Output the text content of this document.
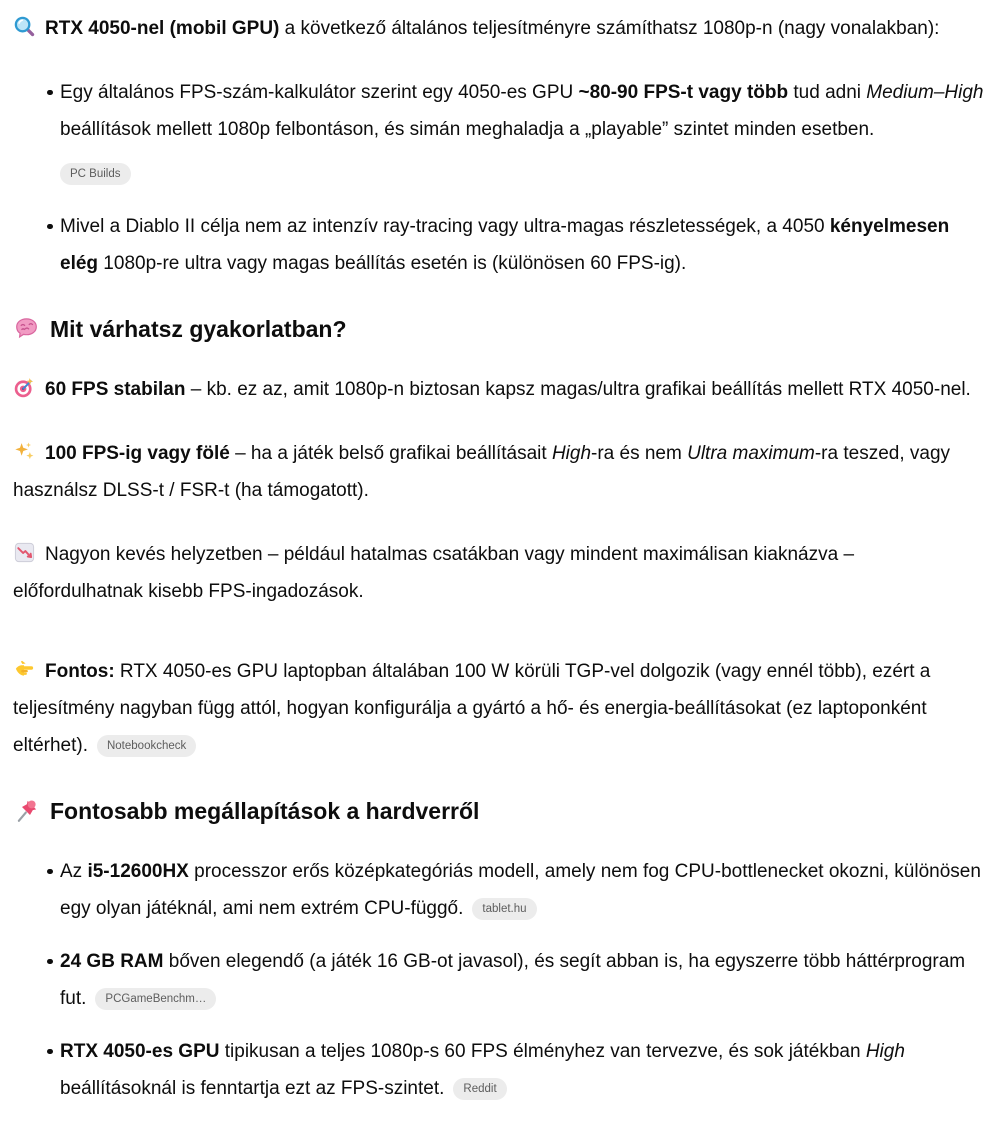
RTX 4050-nel (mobil GPU) a következő általános teljesítményre számíthatsz 1080p-n (nagy vonalakban):

Egy általános FPS-szám-kalkulátor szerint egy 4050-es GPU ~80-90 FPS-t vagy több tud adni Medium–High beállítások mellett 1080p felbontáson, és simán meghaladja a „playable” szintet minden esetben.
PC Builds
Mivel a Diablo II célja nem az intenzív ray-tracing vagy ultra-magas részletességek, a 4050 kényelmesen elég 1080p-re ultra vagy magas beállítás esetén is (különösen 60 FPS-ig).
Mit várhatsz gyakorlatban?

60 FPS stabilan – kb. ez az, amit 1080p-n biztosan kapsz magas/ultra grafikai beállítás mellett RTX 4050-nel.

100 FPS-ig vagy fölé – ha a játék belső grafikai beállításait High-ra és nem Ultra maximum-ra teszed, vagy használsz DLSS-t / FSR-t (ha támogatott).

Nagyon kevés helyzetben – például hatalmas csatákban vagy mindent maximálisan kiaknázva – előfordulhatnak kisebb FPS-ingadozások.

Fontos: RTX 4050-es GPU laptopban általában 100 W körüli TGP-vel dolgozik (vagy ennél több), ezért a teljesítmény nagyban függ attól, hogyan konfigurálja a gyártó a hő- és energia-beállításokat (ez laptoponként eltérhet). Notebookcheck

Fontosabb megállapítások a hardverről
Az i5-12600HX processzor erős középkategóriás modell, amely nem fog CPU-bottlenecket okozni, különösen egy olyan játéknál, ami nem extrém CPU-függő. tablet.hu
24 GB RAM bőven elegendő (a játék 16 GB-ot javasol), és segít abban is, ha egyszerre több háttérprogram fut. PCGameBenchm…
RTX 4050-es GPU tipikusan a teljes 1080p-s 60 FPS élményhez van tervezve, és sok játékban High beállításoknál is fenntartja ezt az FPS-szintet. Reddit
